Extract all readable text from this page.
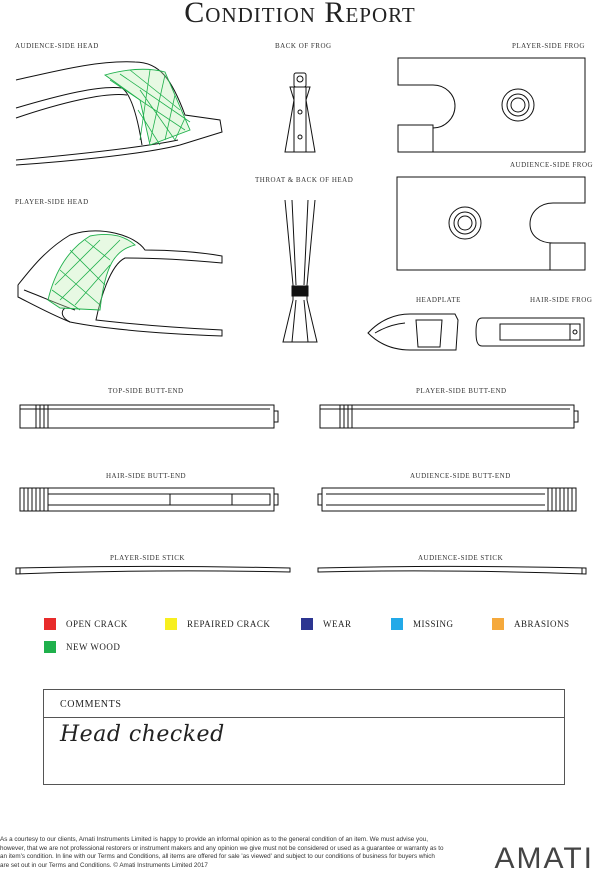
Condition Report
AUDIENCE-SIDE HEAD	BACK OF FROG	PLAYER-SIDE FROG
AUDIENCE-SIDE FROG
THROAT & BACK OF HEAD
PLAYER-SIDE HEAD
HEADPLATE	HAIR-SIDE FROG
TOP-SIDE BUTT-END	PLAYER-SIDE BUTT-END
HAIR-SIDE BUTT-END	AUDIENCE-SIDE BUTT-END
PLAYER-SIDE STICK	AUDIENCE-SIDE STICK
OPEN CRACK	REPAIRED CRACK	WEAR	MISSING	ABRASIONS
NEW WOOD
COMMENTS
Head checked
As a courtesy to our clients, Amati Instruments Limited is happy to provide an informal opinion as to the general condition of an item. We must advise you, however, that we are not professional restorers or instrument makers and any opinion we give must not be considered or used as a guarantee or warranty as to an item's condition. In line with our Terms and Conditions, all items are offered for sale 'as viewed' and subject to our conditions of business for buyers which are set out in our Terms and Conditions. © Amati Instruments Limited 2017	AMATI
